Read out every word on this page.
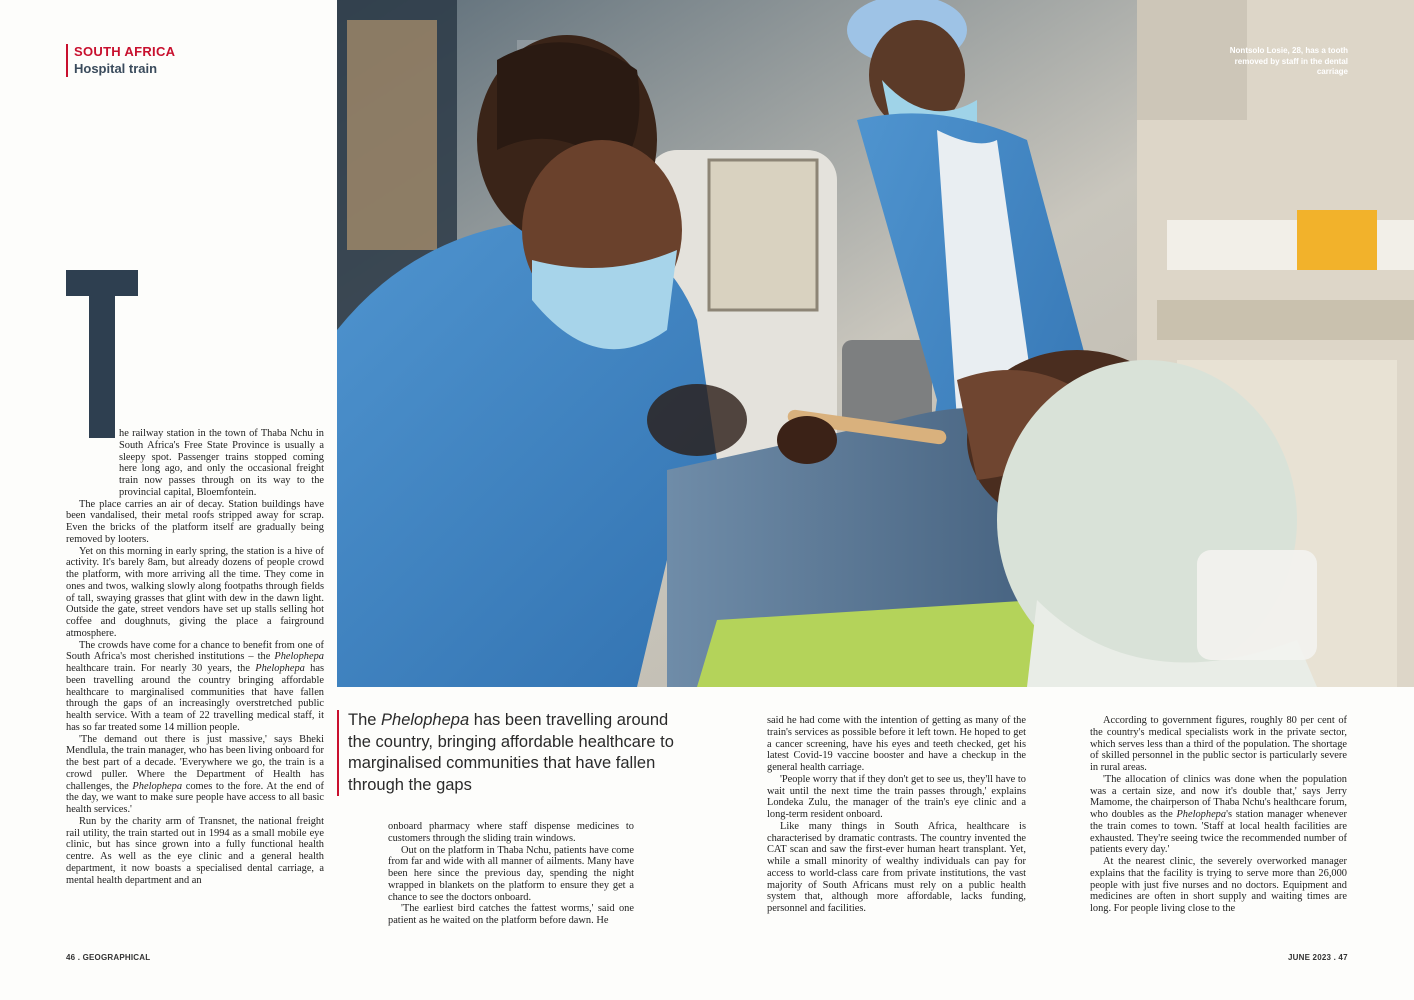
SOUTH AFRICA
Hospital train
Nontsolo Losie, 28, has a tooth removed by staff in the dental carriage

he railway station in the town of Thaba Nchu in South Africa's Free State Province is usually a sleepy spot. Passenger trains stopped coming here long ago, and only the occasional freight train now passes through on its way to the provincial capital, Bloemfontein.

The place carries an air of decay. Station buildings have been vandalised, their metal roofs stripped away for scrap. Even the bricks of the platform itself are gradually being removed by looters.

Yet on this morning in early spring, the station is a hive of activity. It's barely 8am, but already dozens of people crowd the platform, with more arriving all the time. They come in ones and twos, walking slowly along footpaths through fields of tall, swaying grasses that glint with dew in the dawn light. Outside the gate, street vendors have set up stalls selling hot coffee and doughnuts, giving the place a fairground atmosphere.

The crowds have come for a chance to benefit from one of South Africa's most cherished institutions – the Phelophepa healthcare train. For nearly 30 years, the Phelophepa has been travelling around the country bringing affordable healthcare to marginalised communities that have fallen through the gaps of an increasingly overstretched public health service. With a team of 22 travelling medical staff, it has so far treated some 14 million people.

'The demand out there is just massive,' says Bheki Mendlula, the train manager, who has been living onboard for the best part of a decade. 'Everywhere we go, the train is a crowd puller. Where the Department of Health has challenges, the Phelophepa comes to the fore. At the end of the day, we want to make sure people have access to all basic health services.'

Run by the charity arm of Transnet, the national freight rail utility, the train started out in 1994 as a small mobile eye clinic, but has since grown into a fully functional health centre. As well as the eye clinic and a general health department, it now boasts a specialised dental carriage, a mental health department and an

The Phelophepa has been travelling around the country, bringing affordable healthcare to marginalised communities that have fallen through the gaps

onboard pharmacy where staff dispense medicines to customers through the sliding train windows.

Out on the platform in Thaba Nchu, patients have come from far and wide with all manner of ailments. Many have been here since the previous day, spending the night wrapped in blankets on the platform to ensure they get a chance to see the doctors onboard.

'The earliest bird catches the fattest worms,' said one patient as he waited on the platform before dawn. He

said he had come with the intention of getting as many of the train's services as possible before it left town. He hoped to get a cancer screening, have his eyes and teeth checked, get his latest Covid-19 vaccine booster and have a checkup in the general health carriage.

'People worry that if they don't get to see us, they'll have to wait until the next time the train passes through,' explains Londeka Zulu, the manager of the train's eye clinic and a long-term resident onboard.

Like many things in South Africa, healthcare is characterised by dramatic contrasts. The country invented the CAT scan and saw the first-ever human heart transplant. Yet, while a small minority of wealthy individuals can pay for access to world-class care from private institutions, the vast majority of South Africans must rely on a public health system that, although more affordable, lacks funding, personnel and facilities.

According to government figures, roughly 80 per cent of the country's medical specialists work in the private sector, which serves less than a third of the population. The shortage of skilled personnel in the public sector is particularly severe in rural areas.

'The allocation of clinics was done when the population was a certain size, and now it's double that,' says Jerry Mamome, the chairperson of Thaba Nchu's healthcare forum, who doubles as the Phelophepa's station manager whenever the train comes to town. 'Staff at local health facilities are exhausted. They're seeing twice the recommended number of patients every day.'

At the nearest clinic, the severely overworked manager explains that the facility is trying to serve more than 26,000 people with just five nurses and no doctors. Equipment and medicines are often in short supply and waiting times are long. For people living close to the

46 . GEOGRAPHICAL	JUNE 2023 . 47
